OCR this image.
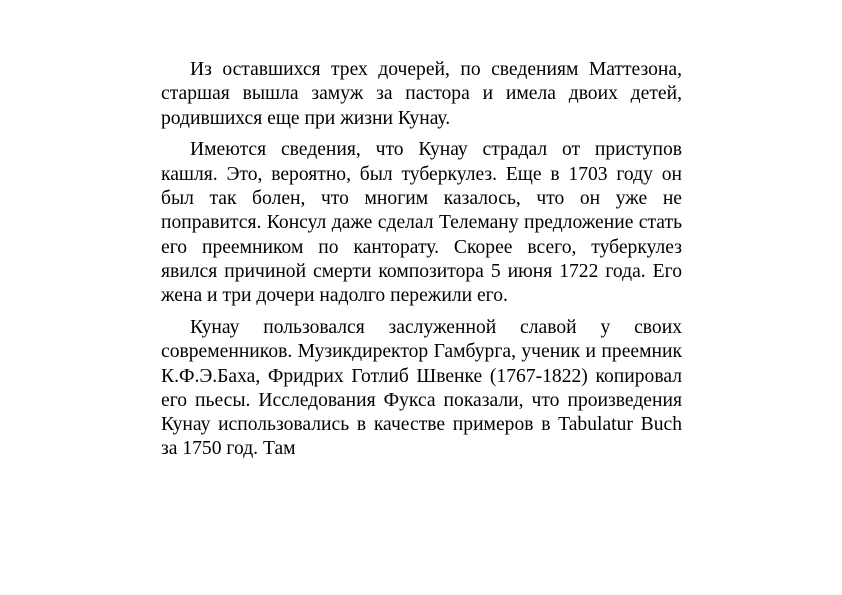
Из оставшихся трех дочерей, по сведениям Маттезона, старшая вышла замуж за пастора и имела двоих детей, родившихся еще при жизни Кунау.

Имеются сведения, что Кунау страдал от приступов кашля. Это, вероятно, был туберкулез. Еще в 1703 году он был так болен, что многим казалось, что он уже не поправится. Консул даже сделал Телеману предложение стать его преемником по канторату. Скорее всего, туберкулез явился причиной смерти композитора 5 июня 1722 года. Его жена и три дочери надолго пережили его.

Кунау пользовался заслуженной славой у своих современников. Музикдиректор Гамбурга, ученик и преемник К.Ф.Э.Баха, Фридрих Готлиб Швенке (1767-1822) копировал его пьесы. Исследования Фукса показали, что произведения Кунау использовались в качестве примеров в Tabulatur Buch за 1750 год. Там
